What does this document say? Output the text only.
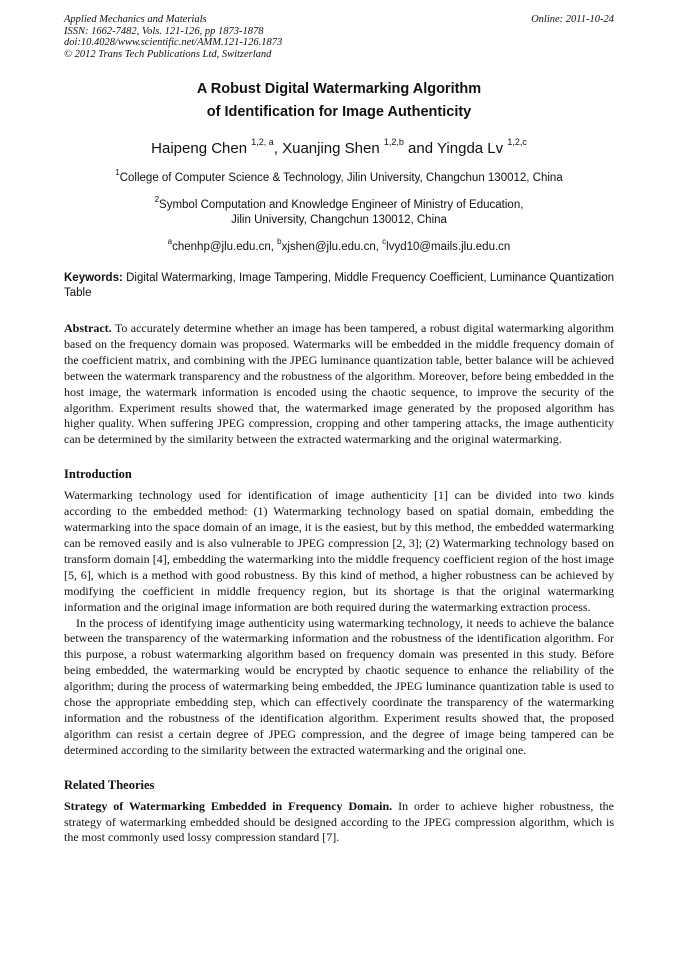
Applied Mechanics and Materials
ISSN: 1662-7482, Vols. 121-126, pp 1873-1878
doi:10.4028/www.scientific.net/AMM.121-126.1873
© 2012 Trans Tech Publications Ltd, Switzerland
Online: 2011-10-24
A Robust Digital Watermarking Algorithm
of Identification for Image Authenticity
Haipeng Chen $^{1,2, a}$, Xuanjing Shen $^{1,2,b}$ and Yingda Lv $^{1,2,c}$
$^1$College of Computer Science & Technology, Jilin University, Changchun 130012, China
$^2$Symbol Computation and Knowledge Engineer of Ministry of Education,
Jilin University, Changchun 130012, China
$^a$chenhp@jlu.edu.cn, $^b$xjshen@jlu.edu.cn, $^c$lvyd10@mails.jlu.edu.cn
Keywords: Digital Watermarking, Image Tampering, Middle Frequency Coefficient, Luminance Quantization Table
Abstract. To accurately determine whether an image has been tampered, a robust digital watermarking algorithm based on the frequency domain was proposed. Watermarks will be embedded in the middle frequency domain of the coefficient matrix, and combining with the JPEG luminance quantization table, better balance will be achieved between the watermark transparency and the robustness of the algorithm. Moreover, before being embedded in the host image, the watermark information is encoded using the chaotic sequence, to improve the security of the algorithm. Experiment results showed that, the watermarked image generated by the proposed algorithm has higher quality. When suffering JPEG compression, cropping and other tampering attacks, the image authenticity can be determined by the similarity between the extracted watermarking and the original watermarking.
Introduction

Watermarking technology used for identification of image authenticity [1] can be divided into two kinds according to the embedded method: (1) Watermarking technology based on spatial domain, embedding the watermarking into the space domain of an image, it is the easiest, but by this method, the embedded watermarking can be removed easily and is also vulnerable to JPEG compression [2, 3]; (2) Watermarking technology based on transform domain [4], embedding the watermarking into the middle frequency coefficient region of the host image [5, 6], which is a method with good robustness. By this kind of method, a higher robustness can be achieved by modifying the coefficient in middle frequency region, but its shortage is that the original watermarking information and the original image information are both required during the watermarking extraction process.

In the process of identifying image authenticity using watermarking technology, it needs to achieve the balance between the transparency of the watermarking information and the robustness of the identification algorithm. For this purpose, a robust watermarking algorithm based on frequency domain was presented in this study. Before being embedded, the watermarking would be encrypted by chaotic sequence to enhance the reliability of the algorithm; during the process of watermarking being embedded, the JPEG luminance quantization table is used to chose the appropriate embedding step, which can effectively coordinate the transparency of the watermarking information and the robustness of the identification algorithm. Experiment results showed that, the proposed algorithm can resist a certain degree of JPEG compression, and the degree of image being tampered can be determined according to the similarity between the extracted watermarking and the original one.

Related Theories

Strategy of Watermarking Embedded in Frequency Domain. In order to achieve higher robustness, the strategy of watermarking embedded should be designed according to the JPEG compression algorithm, which is the most commonly used lossy compression standard [7].
